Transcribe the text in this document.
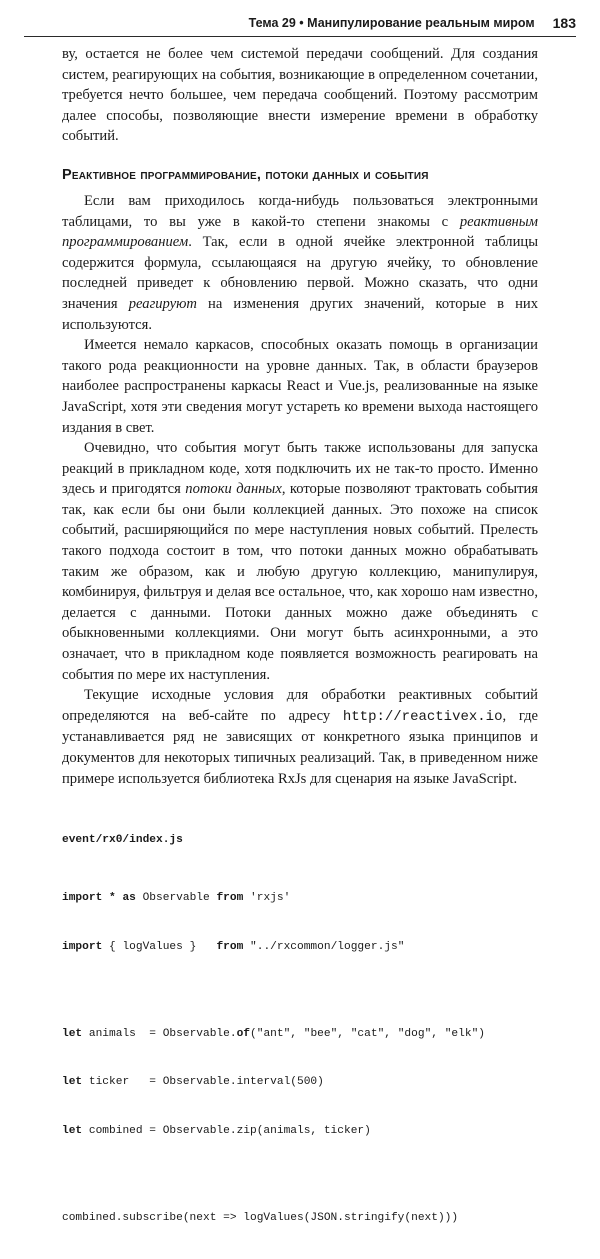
Тема 29 • Манипулирование реальным миром 183

ву, остается не более чем системой передачи сообщений. Для создания систем, реагирующих на события, возникающие в определенном сочетании, требуется нечто большее, чем передача сообщений. Поэтому рассмотрим далее способы, позволяющие внести измерение времени в обработку событий.

Реактивное программирование, потоки данных и события

Если вам приходилось когда-нибудь пользоваться электронными таблицами, то вы уже в какой-то степени знакомы с реактивным программированием. Так, если в одной ячейке электронной таблицы содержится формула, ссылающаяся на другую ячейку, то обновление последней приведет к обновлению первой. Можно сказать, что одни значения реагируют на изменения других значений, которые в них используются.

Имеется немало каркасов, способных оказать помощь в организации такого рода реакционности на уровне данных. Так, в области браузеров наиболее распространены каркасы React и Vue.js, реализованные на языке JavaScript, хотя эти сведения могут устареть ко времени выхода настоящего издания в свет.

Очевидно, что события могут быть также использованы для запуска реакций в прикладном коде, хотя подключить их не так-то просто. Именно здесь и пригодятся потоки данных, которые позволяют трактовать события так, как если бы они были коллекцией данных. Это похоже на список событий, расширяющийся по мере наступления новых событий. Прелесть такого подхода состоит в том, что потоки данных можно обрабатывать таким же образом, как и любую другую коллекцию, манипулируя, комбинируя, фильтруя и делая все остальное, что, как хорошо нам известно, делается с данными. Потоки данных можно даже объединять с обыкновенными коллекциями. Они могут быть асинхронными, а это означает, что в прикладном коде появляется возможность реагировать на события по мере их наступления.

Текущие исходные условия для обработки реактивных событий определяются на веб-сайте по адресу http://reactivex.io, где устанавливается ряд не зависящих от конкретного языка принципов и документов для некоторых типичных реализаций. Так, в приведенном ниже примере используется библиотека RxJs для сценария на языке JavaScript.

event/rx0/index.js

import * as Observable from 'rxjs'

import { logValues }   from "../rxcommon/logger.js"

let animals  = Observable.of("ant", "bee", "cat", "dog", "elk")

let ticker   = Observable.interval(500)

let combined = Observable.zip(animals, ticker)

combined.subscribe(next => logValues(JSON.stringify(next)))
